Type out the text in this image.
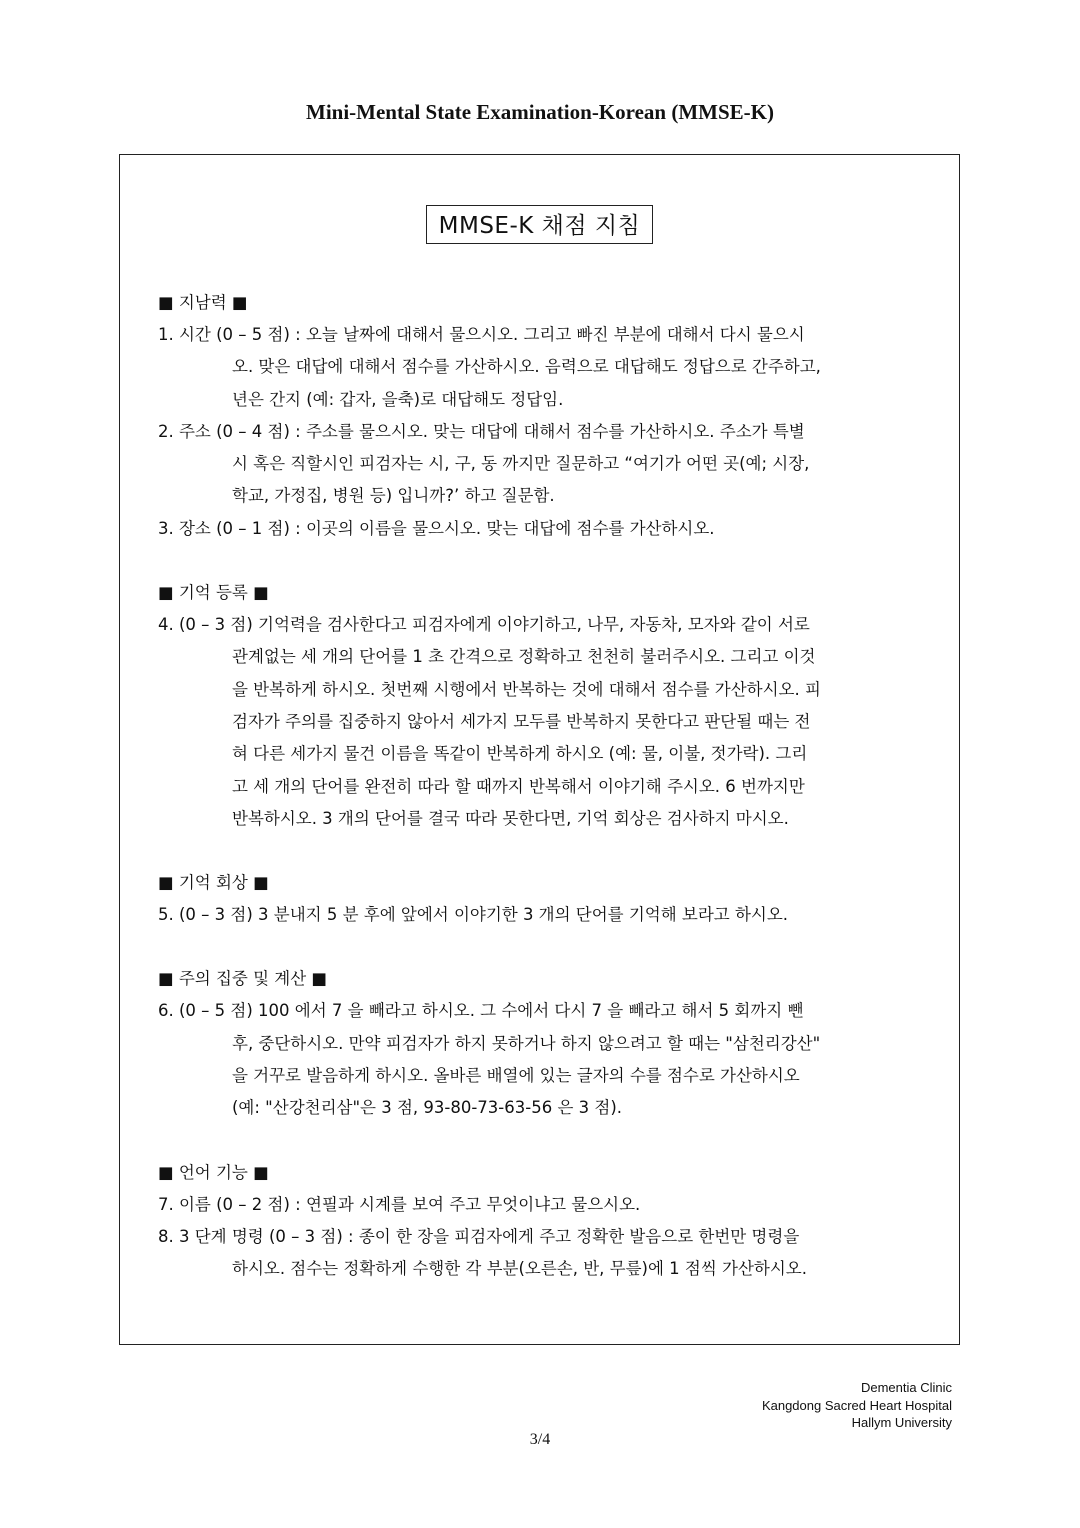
Mini-Mental State Examination-Korean (MMSE-K)
MMSE-K 채점 지침
■ 지남력 ■
1. 시간 (0 – 5 점) : 오늘 날짜에 대해서 물으시오. 그리고 빠진 부분에 대해서 다시 물으시
오. 맞은 대답에 대해서 점수를 가산하시오. 음력으로 대답해도 정답으로 간주하고,
년은 간지 (예: 갑자, 을축)로 대답해도 정답임.
2. 주소 (0 – 4 점) : 주소를 물으시오. 맞는 대답에 대해서 점수를 가산하시오. 주소가 특별
시 혹은 직할시인 피검자는 시, 구, 동 까지만 질문하고 “여기가 어떤 곳(예; 시장,
학교, 가정집, 병원 등) 입니까?’ 하고 질문함.
3. 장소 (0 – 1 점) : 이곳의 이름을 물으시오. 맞는 대답에 점수를 가산하시오.
■ 기억 등록 ■
4. (0 – 3 점) 기억력을 검사한다고 피검자에게 이야기하고, 나무, 자동차, 모자와 같이 서로
관계없는 세 개의 단어를 1 초 간격으로 정확하고 천천히 불러주시오. 그리고 이것
을 반복하게 하시오. 첫번째 시행에서 반복하는 것에 대해서 점수를 가산하시오. 피
검자가 주의를 집중하지 않아서 세가지 모두를 반복하지 못한다고 판단될 때는 전
혀 다른 세가지 물건 이름을 똑같이 반복하게 하시오 (예: 물, 이불, 젓가락). 그리
고 세 개의 단어를 완전히 따라 할 때까지 반복해서 이야기해 주시오. 6 번까지만
반복하시오. 3 개의 단어를 결국 따라 못한다면, 기억 회상은 검사하지 마시오.
■ 기억 회상 ■
5. (0 – 3 점) 3 분내지 5 분 후에 앞에서 이야기한 3 개의 단어를 기억해 보라고 하시오.
■ 주의 집중 및 계산 ■
6. (0 – 5 점) 100 에서 7 을 빼라고 하시오. 그 수에서 다시 7 을 빼라고 해서 5 회까지 뺀
후, 중단하시오. 만약 피검자가 하지 못하거나 하지 않으려고 할 때는 "삼천리강산"
을 거꾸로 발음하게 하시오. 올바른 배열에 있는 글자의 수를 점수로 가산하시오
(예: "산강천리삼"은 3 점, 93-80-73-63-56 은 3 점).
■ 언어 기능 ■
7. 이름 (0 – 2 점) : 연필과 시계를 보여 주고 무엇이냐고 물으시오.
8. 3 단계 명령 (0 – 3 점) : 종이 한 장을 피검자에게 주고 정확한 발음으로 한번만 명령을
하시오. 점수는 정확하게 수행한 각 부분(오른손, 반, 무릎)에 1 점씩 가산하시오.
Dementia Clinic
Kangdong Sacred Heart Hospital
Hallym University
3/4
